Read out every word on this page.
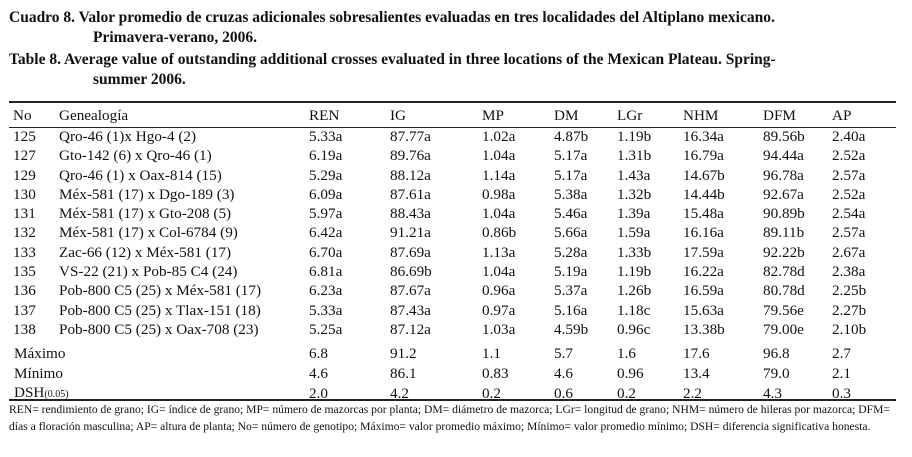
Cuadro 8. Valor promedio de cruzas adicionales sobresalientes evaluadas en tres localidades del Altiplano mexicano.
Primavera-verano, 2006.
Table 8. Average value of outstanding additional crosses evaluated in three locations of the Mexican Plateau. Spring-
summer 2006.
No	Genealogía	REN	IG	MP	DM	LGr	NHM	DFM	AP
125	Qro-46 (1)x Hgo-4 (2)	5.33a	87.77a	1.02a	4.87b	1.19b	16.34a	89.56b	2.40a
127	Gto-142 (6) x Qro-46 (1)	6.19a	89.76a	1.04a	5.17a	1.31b	16.79a	94.44a	2.52a
129	Qro-46 (1) x Oax-814 (15)	5.29a	88.12a	1.14a	5.17a	1.43a	14.67b	96.78a	2.57a
130	Méx-581 (17) x Dgo-189 (3)	6.09a	87.61a	0.98a	5.38a	1.32b	14.44b	92.67a	2.52a
131	Méx-581 (17) x Gto-208 (5)	5.97a	88.43a	1.04a	5.46a	1.39a	15.48a	90.89b	2.54a
132	Méx-581 (17) x Col-6784 (9)	6.42a	91.21a	0.86b	5.66a	1.59a	16.16a	89.11b	2.57a
133	Zac-66 (12) x Méx-581 (17)	6.70a	87.69a	1.13a	5.28a	1.33b	17.59a	92.22b	2.67a
135	VS-22 (21) x Pob-85 C4 (24)	6.81a	86.69b	1.04a	5.19a	1.19b	16.22a	82.78d	2.38a
136	Pob-800 C5 (25) x Méx-581 (17)	6.23a	87.67a	0.96a	5.37a	1.26b	16.59a	80.78d	2.25b
137	Pob-800 C5 (25) x Tlax-151 (18)	5.33a	87.43a	0.97a	5.16a	1.18c	15.63a	79.56e	2.27b
138	Pob-800 C5 (25) x Oax-708 (23)	5.25a	87.12a	1.03a	4.59b	0.96c	13.38b	79.00e	2.10b

Máximo		6.8	91.2	1.1	5.7	1.6	17.6	96.8	2.7
Mínimo		4.6	86.1	0.83	4.6	0.96	13.4	79.0	2.1
DSH(0.05)		2.0	4.2	0.2	0.6	0.2	2.2	4.3	0.3
REN= rendimiento de grano; IG= índice de grano; MP= número de mazorcas por planta; DM= diámetro de mazorca; LGr= longitud de grano; NHM= número de hileras por mazorca; DFM= días a floración masculina; AP= altura de planta; No= número de genotipo; Máximo= valor promedio máximo; Mínimo= valor promedio mínimo; DSH= diferencia significativa honesta.
